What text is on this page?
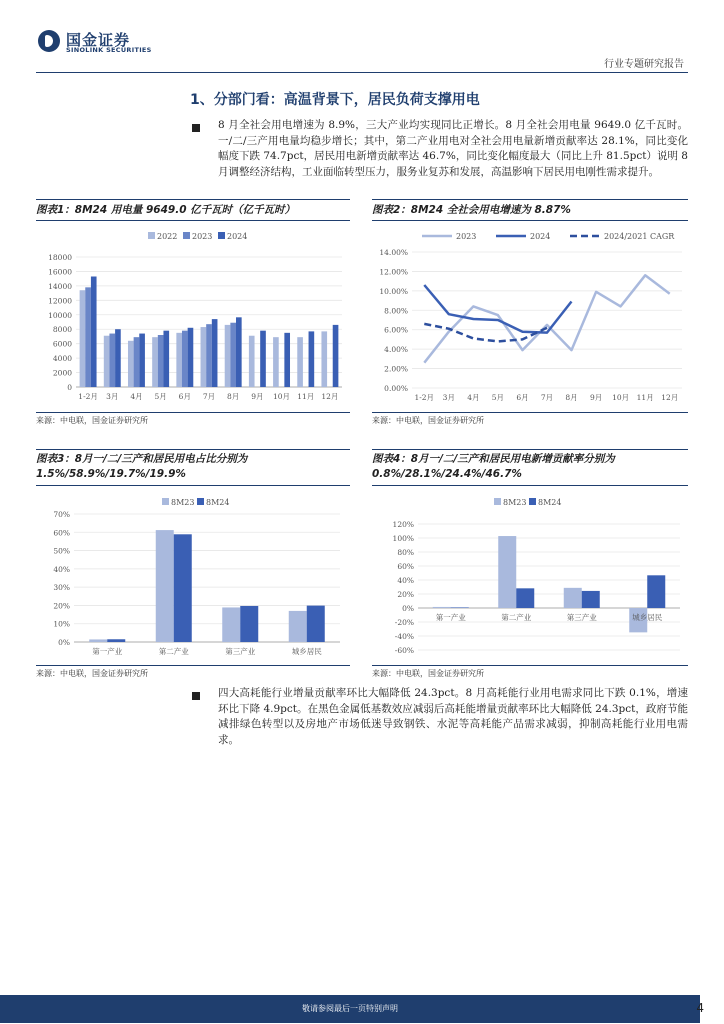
国金证券
SINOLINK SECURITIES
行业专题研究报告
1、分部门看：高温背景下，居民负荷支撑用电
8 月全社会用电增速为 8.9%，三大产业均实现同比正增长。8 月全社会用电量 9649.0 亿千瓦时。一/二/三产用电量均稳步增长；其中，第二产业用电对全社会用电量新增贡献率达 28.1%，同比变化幅度下跌 74.7pct，居民用电新增贡献率达 46.7%，同比变化幅度最大（同比上升 81.5pct）说明 8 月调整经济结构，工业面临转型压力，服务业复苏和发展，高温影响下居民用电刚性需求提升。
图表1：8M24 用电量 9649.0 亿千瓦时（亿千瓦时）
0
2000
4000
6000
8000
10000
12000
14000
16000
18000
1-2月 3月 4月 5月 6月 7月 8月 9月 10月 11月 12月
2022 2023 2024
来源：中电联，国金证券研究所
图表2：8M24 全社会用电增速为 8.87%
0.00%
2.00%
4.00%
6.00%
8.00%
10.00%
12.00%
14.00%
1-2月 3月 4月 5月 6月 7月 8月 9月 10月 11月 12月
2023	2024	2024/2021 CAGR
来源：中电联，国金证券研究所
图表3：8月一/二/三产和居民用电占比分别为 1.5%/58.9%/19.7%/19.9%
0%
10%
20%
30%
40%
50%
60%
70%
第一产业	第二产业	第三产业	城乡居民
8M23 8M24
来源：中电联，国金证券研究所
图表4：8月一/二/三产和居民用电新增贡献率分别为 0.8%/28.1%/24.4%/46.7%
-60%
-40%
-20%
0%
20%
40%
60%
80%
100%
120%
第一产业	第二产业	第三产业	城乡居民
8M23 8M24
来源：中电联，国金证券研究所
四大高耗能行业增量贡献率环比大幅降低 24.3pct。8 月高耗能行业用电需求同比下跌 0.1%，增速环比下降 4.9pct。在黑色金属低基数效应减弱后高耗能增量贡献率环比大幅降低 24.3pct，政府节能减排绿色转型以及房地产市场低迷导致钢铁、水泥等高耗能产品需求减弱，抑制高耗能行业用电需求。
敬请参阅最后一页特别声明	4
